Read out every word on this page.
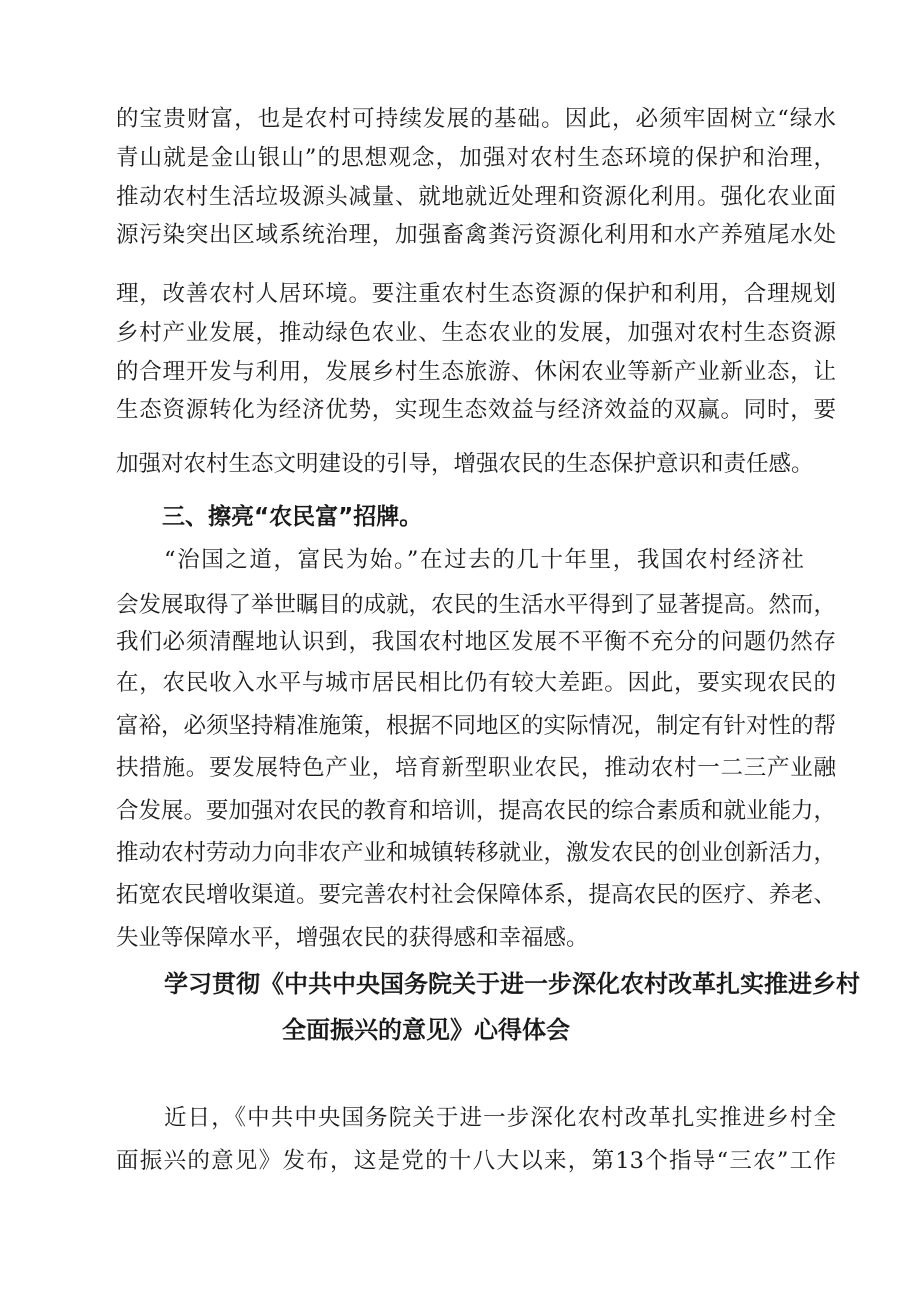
的宝贵财富，也是农村可持续发展的基础。因此，必须牢固树立“绿水
青山就是金山银山”的思想观念，加强对农村生态环境的保护和治理，
推动农村生活垃圾源头减量、就地就近处理和资源化利用。强化农业面
源污染突出区域系统治理，加强畜禽粪污资源化利用和水产养殖尾水处
理，改善农村人居环境。要注重农村生态资源的保护和利用，合理规划
乡村产业发展，推动绿色农业、生态农业的发展，加强对农村生态资源
的合理开发与利用，发展乡村生态旅游、休闲农业等新产业新业态，让
生态资源转化为经济优势，实现生态效益与经济效益的双赢。同时，要
加强对农村生态文明建设的引导，增强农民的生态保护意识和责任感。
三、擦亮“农民富”招牌。
“治国之道，富民为始。”在过去的几十年里，我国农村经济社
会发展取得了举世瞩目的成就，农民的生活水平得到了显著提高。然而，
我们必须清醒地认识到，我国农村地区发展不平衡不充分的问题仍然存
在，农民收入水平与城市居民相比仍有较大差距。因此，要实现农民的
富裕，必须坚持精准施策，根据不同地区的实际情况，制定有针对性的帮
扶措施。要发展特色产业，培育新型职业农民，推动农村一二三产业融
合发展。要加强对农民的教育和培训，提高农民的综合素质和就业能力，
推动农村劳动力向非农产业和城镇转移就业，激发农民的创业创新活力，
拓宽农民增收渠道。要完善农村社会保障体系，提高农民的医疗、养老、
失业等保障水平，增强农民的获得感和幸福感。
学习贯彻《中共中央国务院关于进一步深化农村改革扎实推进乡村
全面振兴的意见》心得体会
近日，《中共中央国务院关于进一步深化农村改革扎实推进乡村全
面振兴的意见》发布，这是党的十八大以来，第13个指导“三农”工作
